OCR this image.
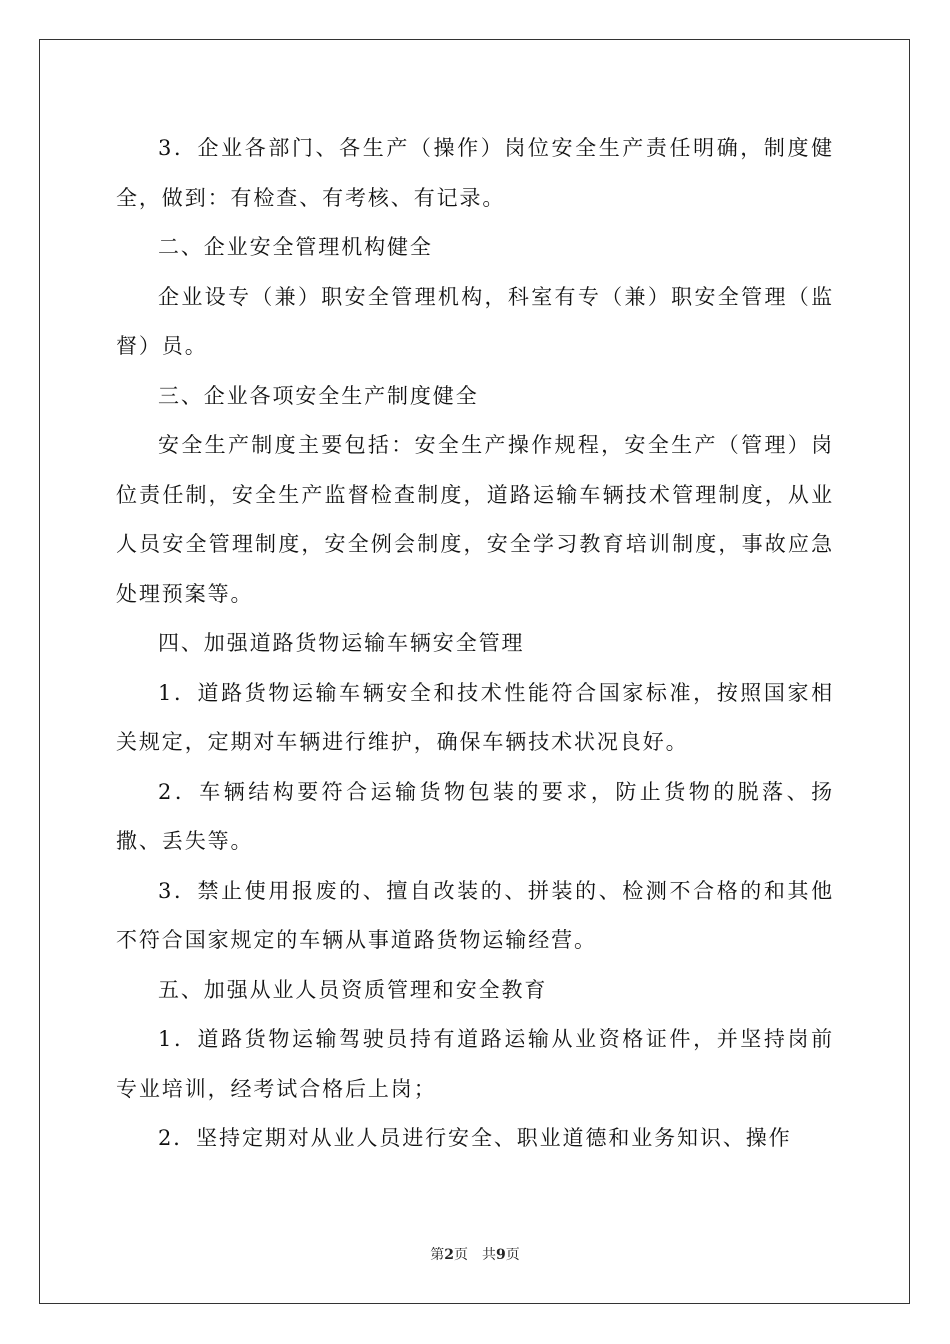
3．企业各部门、各生产（操作）岗位安全生产责任明确，制度健全，做到：有检查、有考核、有记录。

二、企业安全管理机构健全

企业设专（兼）职安全管理机构，科室有专（兼）职安全管理（监督）员。

三、企业各项安全生产制度健全

安全生产制度主要包括：安全生产操作规程，安全生产（管理）岗位责任制，安全生产监督检查制度，道路运输车辆技术管理制度，从业人员安全管理制度，安全例会制度，安全学习教育培训制度，事故应急处理预案等。

四、加强道路货物运输车辆安全管理

1．道路货物运输车辆安全和技术性能符合国家标准，按照国家相关规定，定期对车辆进行维护，确保车辆技术状况良好。

2．车辆结构要符合运输货物包装的要求，防止货物的脱落、扬撒、丢失等。

3．禁止使用报废的、擅自改装的、拼装的、检测不合格的和其他不符合国家规定的车辆从事道路货物运输经营。

五、加强从业人员资质管理和安全教育

1．道路货物运输驾驶员持有道路运输从业资格证件，并坚持岗前专业培训，经考试合格后上岗；

2．坚持定期对从业人员进行安全、职业道德和业务知识、操作

第2页 共9页
